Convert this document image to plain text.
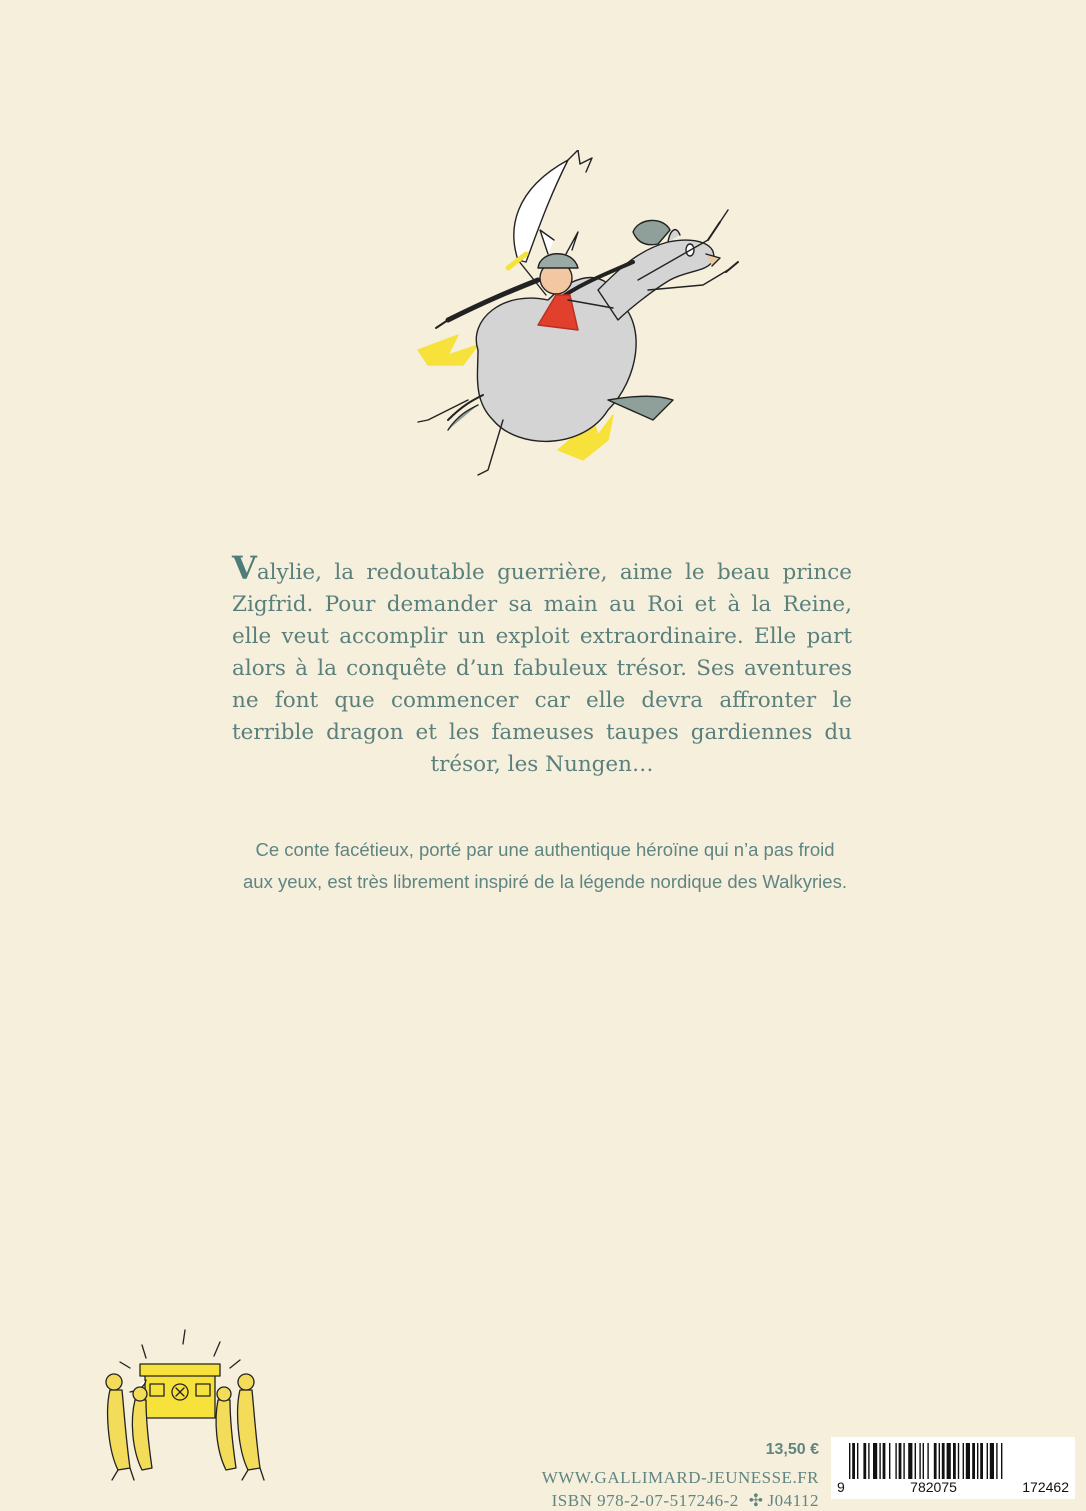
Valylie, la redoutable guerrière, aime le beau prince Zigfrid. Pour demander sa main au Roi et à la Reine, elle veut accomplir un exploit extraordinaire. Elle part alors à la conquête d’un fabuleux trésor. Ses aventures ne font que commencer car elle devra affronter le terrible dragon et les fameuses taupes gardiennes du trésor, les Nungen…

Ce conte facétieux, porté par une authentique héroïne qui n’a pas froid
aux yeux, est très librement inspiré de la légende nordique des Walkyries.

13,50 €
WWW.GALLIMARD-JEUNESSE.FR
ISBN 978-2-07-517246-2 ✣ J04112
9	782075	172462
